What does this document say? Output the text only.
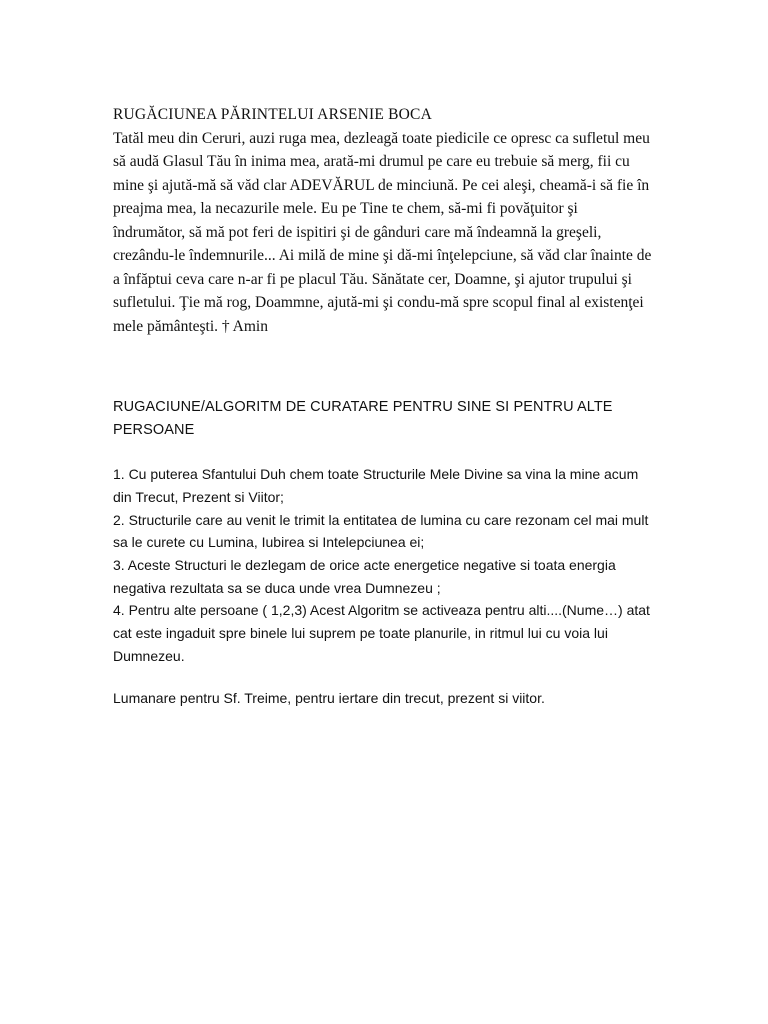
RUGĂCIUNEA PĂRINTELUI ARSENIE BOCA
Tatăl meu din Ceruri, auzi ruga mea, dezleagă toate piedicile ce opresc ca sufletul meu să audă Glasul Tău în inima mea, arată-mi drumul pe care eu trebuie să merg, fii cu mine şi ajută-mă să văd clar ADEVĂRUL de minciună. Pe cei aleşi, cheamă-i să fie în preajma mea, la necazurile mele. Eu pe Tine te chem, să-mi fi povăţuitor şi îndrumător, să mă pot feri de ispitiri şi de gânduri care mă îndeamnă la greşeli, crezându-le îndemnurile... Ai milă de mine şi dă-mi înţelepciune, să văd clar înainte de a înfăptui ceva care n-ar fi pe placul Tău. Sănătate cer, Doamne, şi ajutor trupului şi sufletului. Ţie mă rog, Doammne, ajută-mi şi condu-mă spre scopul final al existenţei mele pământeşti. † Amin
RUGACIUNE/ALGORITM DE CURATARE PENTRU SINE SI PENTRU ALTE PERSOANE

1. Cu puterea Sfantului Duh chem toate Structurile Mele Divine sa vina la mine acum din Trecut, Prezent si Viitor;

2. Structurile care au venit le trimit la entitatea de lumina cu care rezonam cel mai mult sa le curete cu Lumina, Iubirea si Intelepciunea ei;

3. Aceste Structuri le dezlegam de orice acte energetice negative si toata energia negativa rezultata sa se duca unde vrea Dumnezeu ;

4. Pentru alte persoane ( 1,2,3) Acest Algoritm se activeaza pentru alti....(Nume…) atat cat este ingaduit spre binele lui suprem pe toate planurile, in ritmul lui cu voia lui Dumnezeu.

Lumanare pentru Sf. Treime, pentru iertare din trecut, prezent si viitor.
